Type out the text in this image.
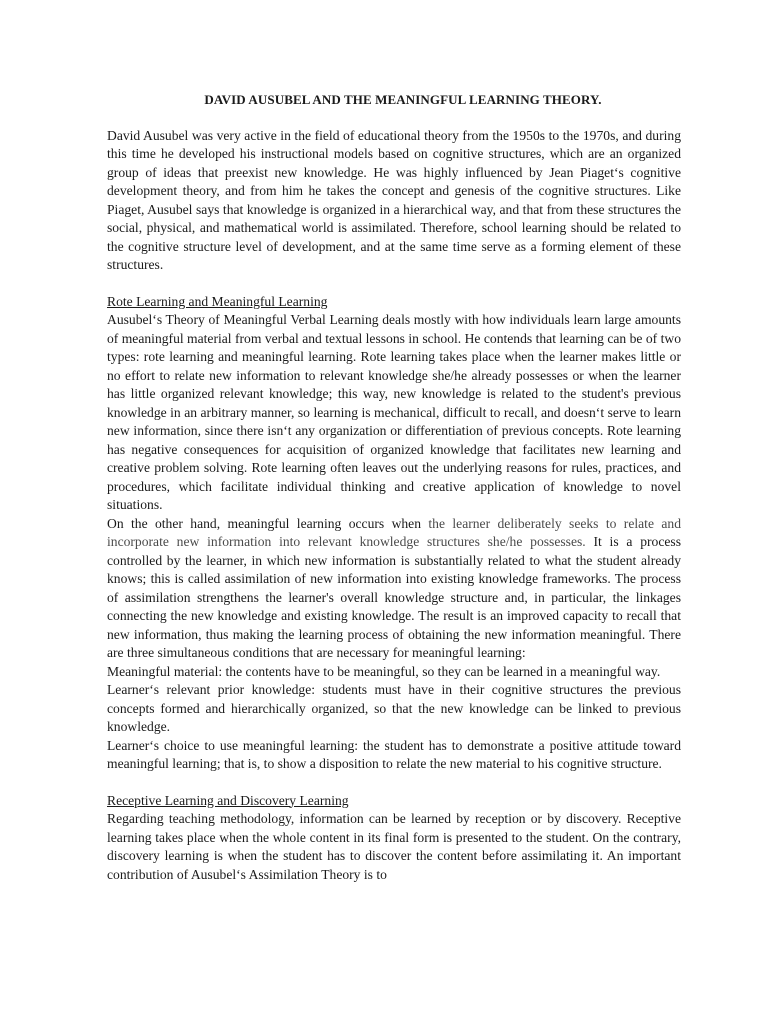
DAVID AUSUBEL AND THE MEANINGFUL LEARNING THEORY.

David Ausubel was very active in the field of educational theory from the 1950s to the 1970s, and during this time he developed his instructional models based on cognitive structures, which are an organized group of ideas that preexist new knowledge. He was highly influenced by Jean Piaget‘s cognitive development theory, and from him he takes the concept and genesis of the cognitive structures. Like Piaget, Ausubel says that knowledge is organized in a hierarchical way, and that from these structures the social, physical, and mathematical world is assimilated. Therefore, school learning should be related to the cognitive structure level of development, and at the same time serve as a forming element of these structures.

Rote Learning and Meaningful Learning

Ausubel‘s Theory of Meaningful Verbal Learning deals mostly with how individuals learn large amounts of meaningful material from verbal and textual lessons in school. He contends that learning can be of two types: rote learning and meaningful learning. Rote learning takes place when the learner makes little or no effort to relate new information to relevant knowledge she/he already possesses or when the learner has little organized relevant knowledge; this way, new knowledge is related to the student's previous knowledge in an arbitrary manner, so learning is mechanical, difficult to recall, and doesn‘t serve to learn new information, since there isn‘t any organization or differentiation of previous concepts. Rote learning has negative consequences for acquisition of organized knowledge that facilitates new learning and creative problem solving. Rote learning often leaves out the underlying reasons for rules, practices, and procedures, which facilitate individual thinking and creative application of knowledge to novel situations.

On the other hand, meaningful learning occurs when the learner deliberately seeks to relate and incorporate new information into relevant knowledge structures she/he possesses. It is a process controlled by the learner, in which new information is substantially related to what the student already knows; this is called assimilation of new information into existing knowledge frameworks. The process of assimilation strengthens the learner's overall knowledge structure and, in particular, the linkages connecting the new knowledge and existing knowledge. The result is an improved capacity to recall that new information, thus making the learning process of obtaining the new information meaningful. There are three simultaneous conditions that are necessary for meaningful learning:

Meaningful material: the contents have to be meaningful, so they can be learned in a meaningful way.

Learner‘s relevant prior knowledge: students must have in their cognitive structures the previous concepts formed and hierarchically organized, so that the new knowledge can be linked to previous knowledge.

Learner‘s choice to use meaningful learning: the student has to demonstrate a positive attitude toward meaningful learning; that is, to show a disposition to relate the new material to his cognitive structure.

Receptive Learning and Discovery Learning

Regarding teaching methodology, information can be learned by reception or by discovery. Receptive learning takes place when the whole content in its final form is presented to the student. On the contrary, discovery learning is when the student has to discover the content before assimilating it. An important contribution of Ausubel‘s Assimilation Theory is to
